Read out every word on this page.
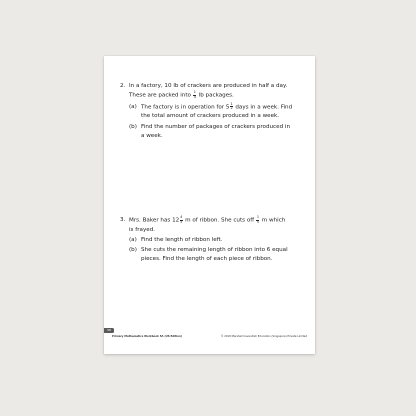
2. In a factory, 10 lb of crackers are produced in half a day.
These are packed into $\frac{1}{4}$ lb packages.
(a) The factory is in operation for $5 \frac{1}{2}$ days in a week. Find
the total amount of crackers produced in a week.
(b) Find the number of packages of crackers produced in
a week.
3. Mrs. Baker has $12 \frac{4}{5}$ m of ribbon. She cuts off $\frac{1}{5}$ m which
is frayed.
(a) Find the length of ribbon left.
(b) She cuts the remaining length of ribbon into 6 equal
pieces. Find the length of each piece of ribbon.
58
Primary Mathematics Workbook 5A (US Edition)	© 2018 Marshall Cavendish Education (Singapore) Private Limited
